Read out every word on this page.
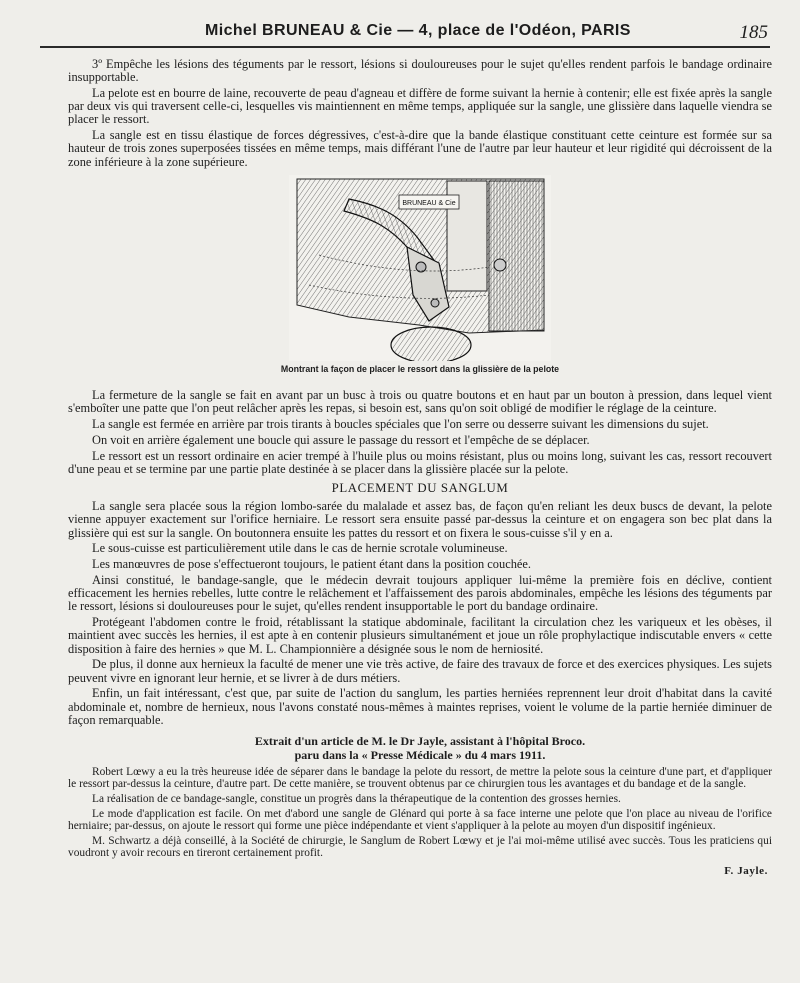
Michel BRUNEAU & Cie — 4, place de l'Odéon, PARIS	185

3º Empêche les lésions des téguments par le ressort, lésions si douloureuses pour le sujet qu'elles rendent parfois le bandage ordinaire insupportable.

La pelote est en bourre de laine, recouverte de peau d'agneau et diffère de forme suivant la hernie à contenir; elle est fixée après la sangle par deux vis qui traversent celle-ci, lesquelles vis maintiennent en même temps, appliquée sur la sangle, une glissière dans laquelle viendra se placer le ressort.

La sangle est en tissu élastique de forces dégressives, c'est-à-dire que la bande élastique constituant cette ceinture est formée sur sa hauteur de trois zones superposées tissées en même temps, mais différant l'une de l'autre par leur hauteur et leur rigidité qui décroissent de la zone inférieure à la zone supérieure.

BRUNEAU & Cie
Montrant la façon de placer le ressort dans la glissière de la pelote

La fermeture de la sangle se fait en avant par un busc à trois ou quatre boutons et en haut par un bouton à pression, dans lequel vient s'emboîter une patte que l'on peut relâcher après les repas, si besoin est, sans qu'on soit obligé de modifier le réglage de la ceinture.

La sangle est fermée en arrière par trois tirants à boucles spéciales que l'on serre ou desserre suivant les dimensions du sujet.

On voit en arrière également une boucle qui assure le passage du ressort et l'empêche de se déplacer.

Le ressort est un ressort ordinaire en acier trempé à l'huile plus ou moins résistant, plus ou moins long, suivant les cas, ressort recouvert d'une peau et se termine par une partie plate destinée à se placer dans la glissière placée sur la pelote.

PLACEMENT DU SANGLUM

La sangle sera placée sous la région lombo-sarée du malalade et assez bas, de façon qu'en reliant les deux buscs de devant, la pelote vienne appuyer exactement sur l'orifice herniaire. Le ressort sera ensuite passé par-dessus la ceinture et on engagera son bec plat dans la glissière qui est sur la sangle. On boutonnera ensuite les pattes du ressort et on fixera le sous-cuisse s'il y en a.

Le sous-cuisse est particulièrement utile dans le cas de hernie scrotale volumineuse.

Les manœuvres de pose s'effectueront toujours, le patient étant dans la position couchée.

Ainsi constitué, le bandage-sangle, que le médecin devrait toujours appliquer lui-même la première fois en déclive, contient efficacement les hernies rebelles, lutte contre le relâchement et l'affaissement des parois abdominales, empêche les lésions des téguments par le ressort, lésions si douloureuses pour le sujet, qu'elles rendent insupportable le port du bandage ordinaire.

Protégeant l'abdomen contre le froid, rétablissant la statique abdominale, facilitant la circulation chez les variqueux et les obèses, il maintient avec succès les hernies, il est apte à en contenir plusieurs simultanément et joue un rôle prophylactique indiscutable envers « cette disposition à faire des hernies » que M. L. Championnière a désignée sous le nom de herniosité.

De plus, il donne aux hernieux la faculté de mener une vie très active, de faire des travaux de force et des exercices physiques. Les sujets peuvent vivre en ignorant leur hernie, et se livrer à de durs métiers.

Enfin, un fait intéressant, c'est que, par suite de l'action du sanglum, les parties herniées reprennent leur droit d'habitat dans la cavité abdominale et, nombre de hernieux, nous l'avons constaté nous-mêmes à maintes reprises, voient le volume de la partie herniée diminuer de façon remarquable.

Extrait d'un article de M. le Dr Jayle, assistant à l'hôpital Broco.
paru dans la « Presse Médicale » du 4 mars 1911.

Robert Lœwy a eu la très heureuse idée de séparer dans le bandage la pelote du ressort, de mettre la pelote sous la ceinture d'une part, et d'appliquer le ressort par-dessus la ceinture, d'autre part. De cette manière, se trouvent obtenus par ce chirurgien tous les avantages et du bandage et de la sangle.

La réalisation de ce bandage-sangle, constitue un progrès dans la thérapeutique de la contention des grosses hernies.

Le mode d'application est facile. On met d'abord une sangle de Glénard qui porte à sa face interne une pelote que l'on place au niveau de l'orifice herniaire; par-dessus, on ajoute le ressort qui forme une pièce indépendante et vient s'appliquer à la pelote au moyen d'un dispositif ingénieux.

M. Schwartz a déjà conseillé, à la Société de chirurgie, le Sanglum de Robert Lœwy et je l'ai moi-même utilisé avec succès. Tous les praticiens qui voudront y avoir recours en tireront certainement profit.

F. Jayle.
